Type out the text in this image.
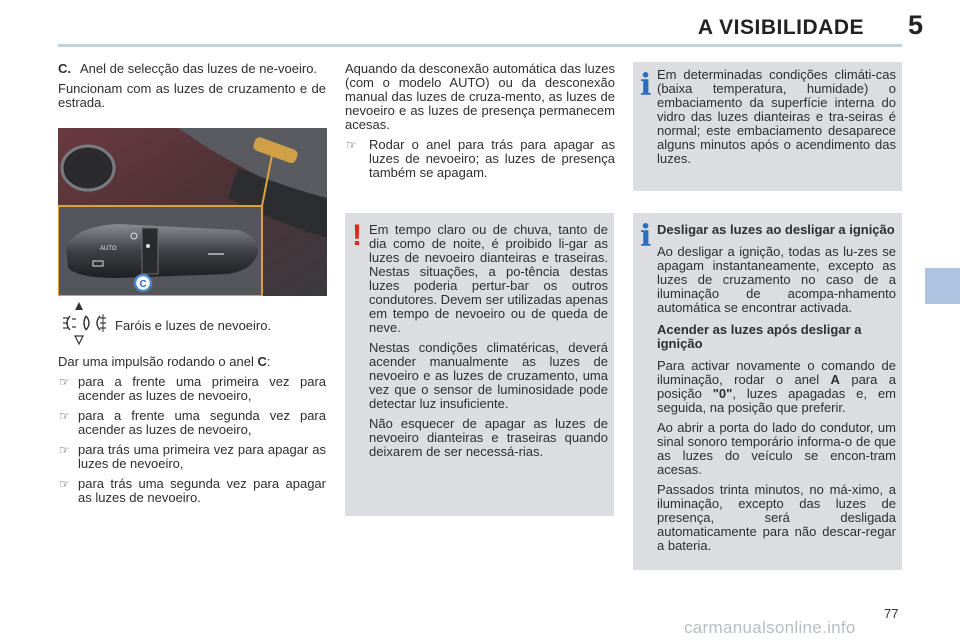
A VISIBILIDADE 5
C. Anel de selecção das luzes de ne-voeiro.
Funcionam com as luzes de cruzamento e de estrada.
AUTO
C
Faróis e luzes de nevoeiro.
Dar uma impulsão rodando o anel C:
☞ para a frente uma primeira vez para acender as luzes de nevoeiro,
☞ para a frente uma segunda vez para acender as luzes de nevoeiro,
☞ para trás uma primeira vez para apagar as luzes de nevoeiro,
☞ para trás uma segunda vez para apagar as luzes de nevoeiro.
Aquando da desconexão automática das luzes (com o modelo AUTO) ou da desconexão manual das luzes de cruza-mento, as luzes de nevoeiro e as luzes de presença permanecem acesas.
☞ Rodar o anel para trás para apagar as luzes de nevoeiro; as luzes de presença também se apagam.
! Em tempo claro ou de chuva, tanto de dia como de noite, é proibido li-gar as luzes de nevoeiro dianteiras e traseiras. Nestas situações, a po-tência destas luzes poderia pertur-bar os outros condutores. Devem ser utilizadas apenas em tempo de nevoeiro ou de queda de neve.
Nestas condições climatéricas, deverá acender manualmente as luzes de nevoeiro e as luzes de cruzamento, uma vez que o sensor de luminosidade pode detectar luz insuficiente.
Não esquecer de apagar as luzes de nevoeiro dianteiras e traseiras quando deixarem de ser necessá-rias.
i Em determinadas condições climáti-cas (baixa temperatura, humidade) o embaciamento da superfície interna do vidro das luzes dianteiras e tra-seiras é normal; este embaciamento desaparece alguns minutos após o acendimento das luzes.
i Desligar as luzes ao desligar a ignição
Ao desligar a ignição, todas as lu-zes se apagam instantaneamente, excepto as luzes de cruzamento no caso de a iluminação de acompa-nhamento automática se encontrar activada.
Acender as luzes após desligar a ignição
Para activar novamente o comando de iluminação, rodar o anel A para a posição "0", luzes apagadas e, em seguida, na posição que preferir.
Ao abrir a porta do lado do condutor, um sinal sonoro temporário informa-o de que as luzes do veículo se encon-tram acesas.
Passados trinta minutos, no má-ximo, a iluminação, excepto das luzes de presença, será desligada automaticamente para não descar-regar a bateria.
77
carmanualsonline.info
